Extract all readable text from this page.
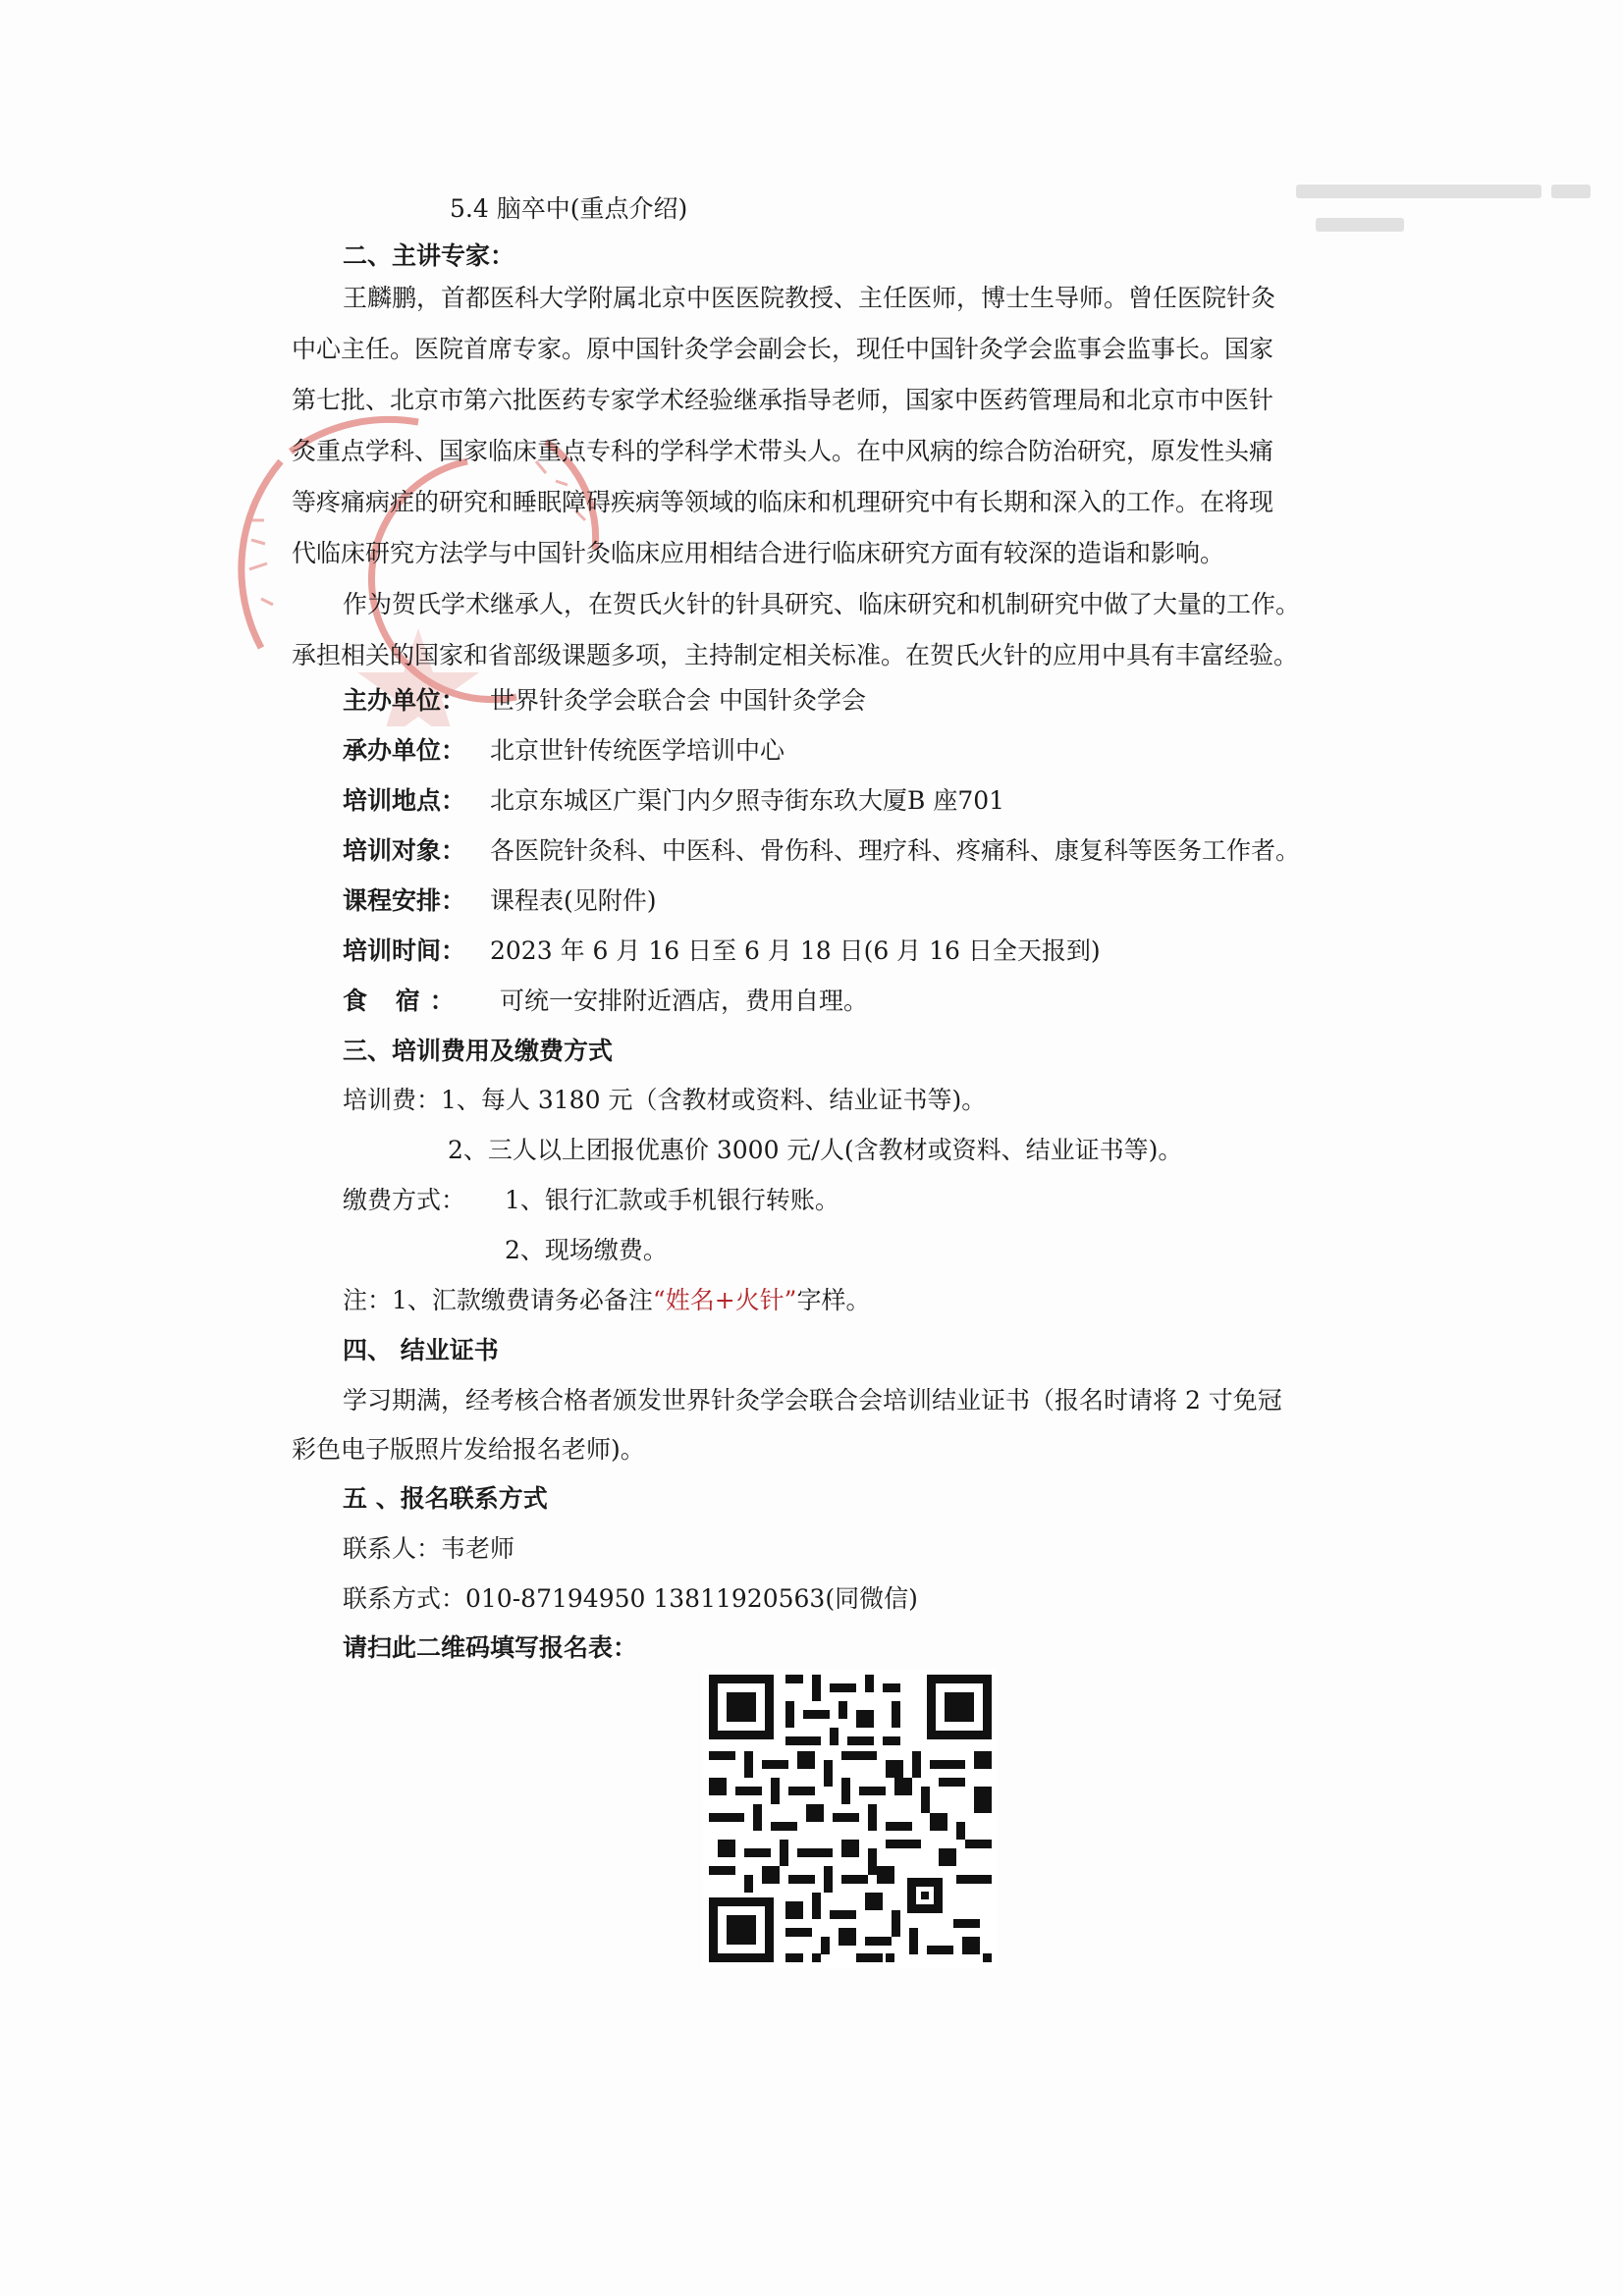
5.4 脑卒中(重点介绍)
二、主讲专家：
王麟鹏，首都医科大学附属北京中医医院教授、主任医师，博士生导师。曾任医院针灸
中心主任。医院首席专家。原中国针灸学会副会长，现任中国针灸学会监事会监事长。国家
第七批、北京市第六批医药专家学术经验继承指导老师，国家中医药管理局和北京市中医针
灸重点学科、国家临床重点专科的学科学术带头人。在中风病的综合防治研究，原发性头痛
等疼痛病症的研究和睡眠障碍疾病等领域的临床和机理研究中有长期和深入的工作。在将现
代临床研究方法学与中国针灸临床应用相结合进行临床研究方面有较深的造诣和影响。
作为贺氏学术继承人，在贺氏火针的针具研究、临床研究和机制研究中做了大量的工作。
承担相关的国家和省部级课题多项，主持制定相关标准。在贺氏火针的应用中具有丰富经验。
主办单位： 世界针灸学会联合会 中国针灸学会
承办单位： 北京世针传统医学培训中心
培训地点： 北京东城区广渠门内夕照寺街东玖大厦B 座701
培训对象： 各医院针灸科、中医科、骨伤科、理疗科、疼痛科、康复科等医务工作者。
课程安排： 课程表(见附件)
培训时间： 2023 年 6 月 16 日至 6 月 18 日(6 月 16 日全天报到)
食 宿： 可统一安排附近酒店，费用自理。
三、培训费用及缴费方式
培训费：1、每人 3180 元（含教材或资料、结业证书等)。
2、三人以上团报优惠价 3000 元/人(含教材或资料、结业证书等)。
缴费方式： 1、银行汇款或手机银行转账。
2、现场缴费。
注：1、汇款缴费请务必备注“姓名+火针”字样。
四、 结业证书
学习期满，经考核合格者颁发世界针灸学会联合会培训结业证书（报名时请将 2 寸免冠
彩色电子版照片发给报名老师)。
五 、报名联系方式
联系人：韦老师
联系方式：010-87194950 13811920563(同微信)
请扫此二维码填写报名表：
